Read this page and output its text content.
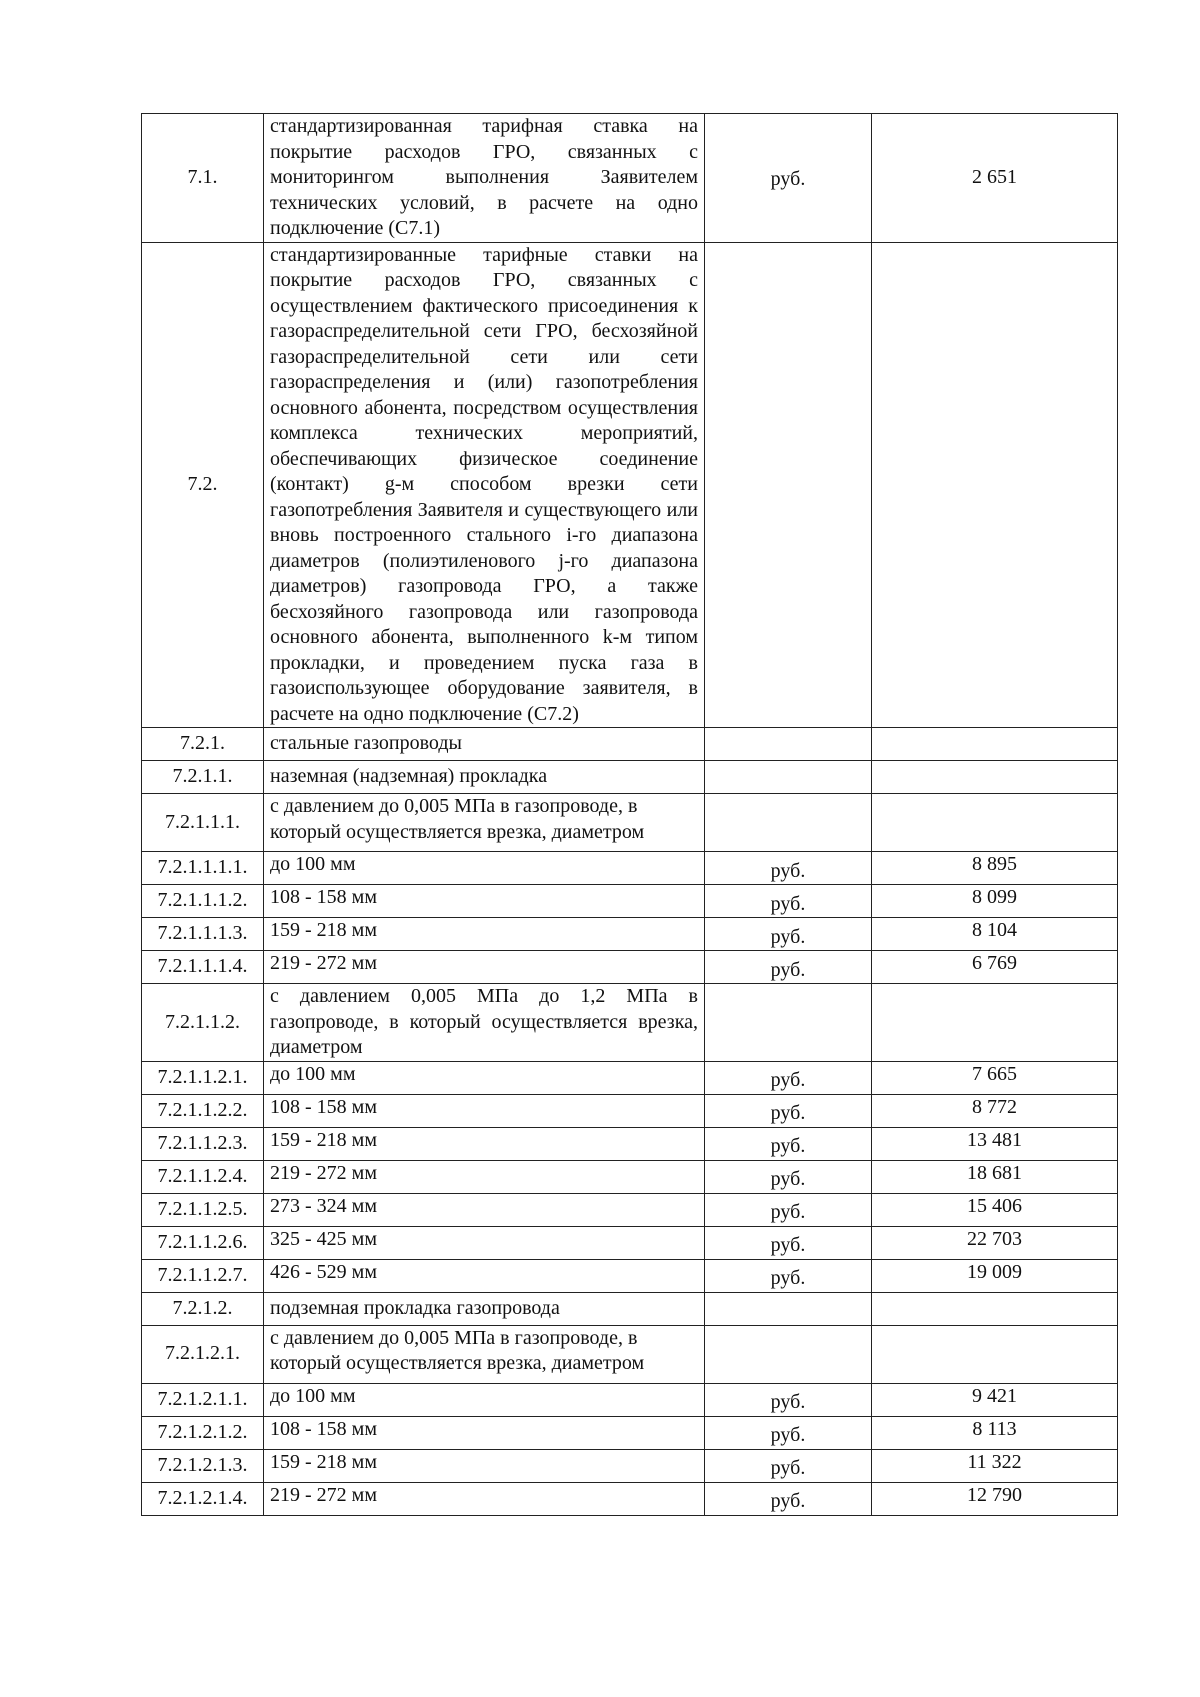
7.1.	стандартизированная тарифная ставка на покрытие расходов ГРО, связанных с мониторингом выполнения Заявителем технических условий, в расчете на одно подключение (С7.1)	руб.	2 651
7.2.	стандартизированные тарифные ставки на покрытие расходов ГРО, связанных с осуществлением фактического присоединения к газораспределительной сети ГРО, бесхозяйной газораспределительной сети или сети газораспределения и (или) газопотребления основного абонента, посредством осуществления комплекса технических мероприятий, обеспечивающих физическое соединение (контакт) g-м способом врезки сети газопотребления Заявителя и существующего или вновь построенного стального i-го диапазона диаметров (полиэтиленового j-го диапазона диаметров) газопровода ГРО, а также бесхозяйного газопровода или газопровода основного абонента, выполненного k-м типом прокладки, и проведением пуска газа в газоиспользующее оборудование заявителя, в расчете на одно подключение (С7.2)		
7.2.1.	стальные газопроводы		
7.2.1.1.	наземная (надземная) прокладка		
7.2.1.1.1.	с давлением до 0,005 МПа в газопроводе, в который осуществляется врезка, диаметром		
7.2.1.1.1.1.	до 100 мм	руб.	8 895
7.2.1.1.1.2.	108 - 158 мм	руб.	8 099
7.2.1.1.1.3.	159 - 218 мм	руб.	8 104
7.2.1.1.1.4.	219 - 272 мм	руб.	6 769
7.2.1.1.2.	с давлением 0,005 МПа до 1,2 МПа в газопроводе, в который осуществляется врезка, диаметром		
7.2.1.1.2.1.	до 100 мм	руб.	7 665
7.2.1.1.2.2.	108 - 158 мм	руб.	8 772
7.2.1.1.2.3.	159 - 218 мм	руб.	13 481
7.2.1.1.2.4.	219 - 272 мм	руб.	18 681
7.2.1.1.2.5.	273 - 324 мм	руб.	15 406
7.2.1.1.2.6.	325 - 425 мм	руб.	22 703
7.2.1.1.2.7.	426 - 529 мм	руб.	19 009
7.2.1.2.	подземная прокладка газопровода		
7.2.1.2.1.	с давлением до 0,005 МПа в газопроводе, в который осуществляется врезка, диаметром		
7.2.1.2.1.1.	до 100 мм	руб.	9 421
7.2.1.2.1.2.	108 - 158 мм	руб.	8 113
7.2.1.2.1.3.	159 - 218 мм	руб.	11 322
7.2.1.2.1.4.	219 - 272 мм	руб.	12 790
